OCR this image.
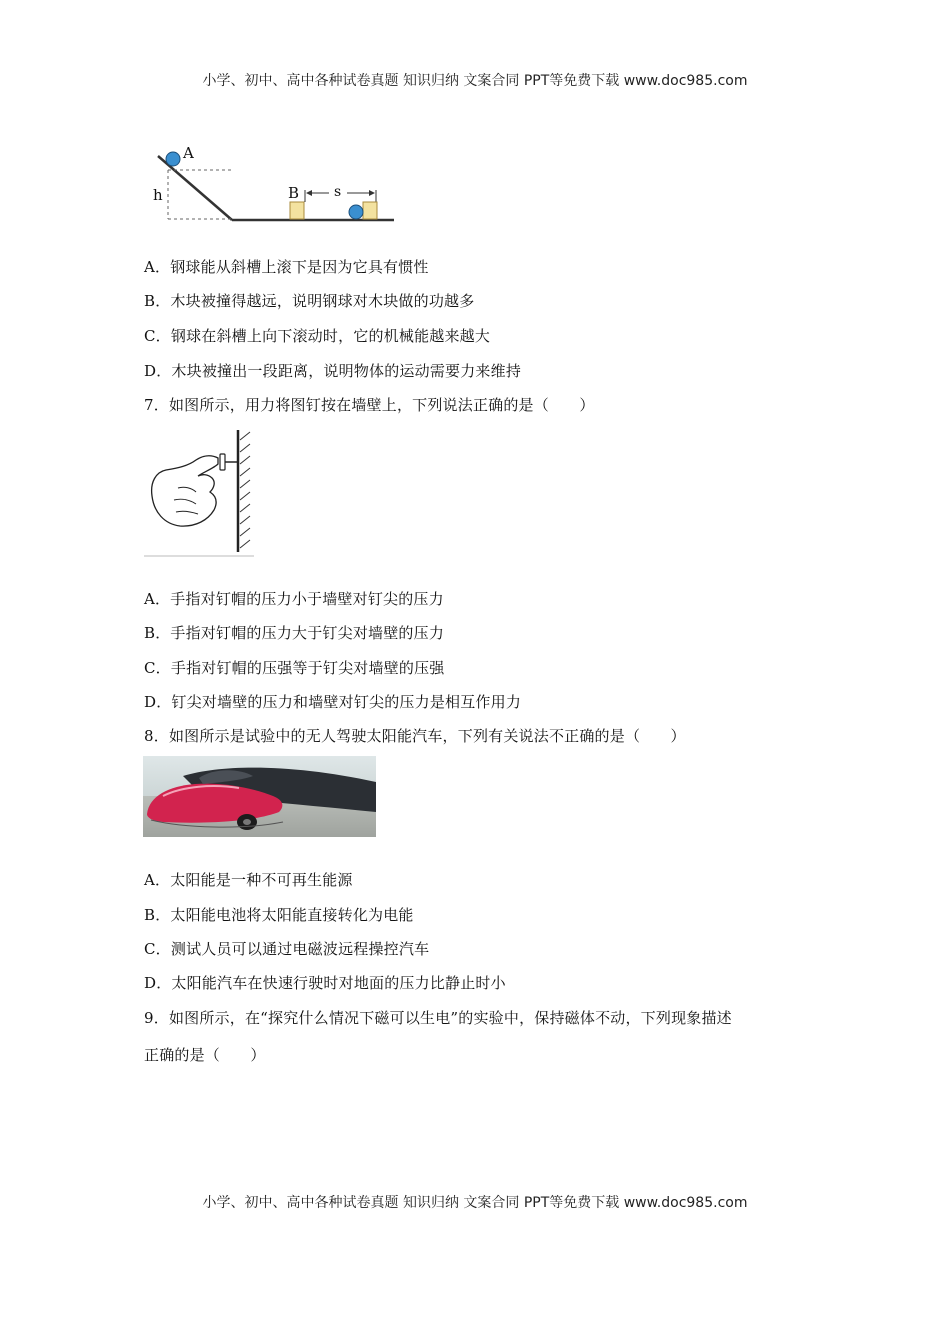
小学、初中、高中各种试卷真题 知识归纳 文案合同 PPT等免费下载 www.doc985.com
A
h	B s
A．钢球能从斜槽上滚下是因为它具有惯性
B．木块被撞得越远，说明钢球对木块做的功越多
C．钢球在斜槽上向下滚动时，它的机械能越来越大
D．木块被撞出一段距离，说明物体的运动需要力来维持
7．如图所示，用力将图钉按在墙壁上，下列说法正确的是（　　）
A．手指对钉帽的压力小于墙壁对钉尖的压力
B．手指对钉帽的压力大于钉尖对墙壁的压力
C．手指对钉帽的压强等于钉尖对墙壁的压强
D．钉尖对墙壁的压力和墙壁对钉尖的压力是相互作用力
8．如图所示是试验中的无人驾驶太阳能汽车，下列有关说法不正确的是（　　）
A．太阳能是一种不可再生能源
B．太阳能电池将太阳能直接转化为电能
C．测试人员可以通过电磁波远程操控汽车
D．太阳能汽车在快速行驶时对地面的压力比静止时小
9．如图所示，在“探究什么情况下磁可以生电”的实验中，保持磁体不动，下列现象描述
正确的是（　　）
小学、初中、高中各种试卷真题 知识归纳 文案合同 PPT等免费下载 www.doc985.com
